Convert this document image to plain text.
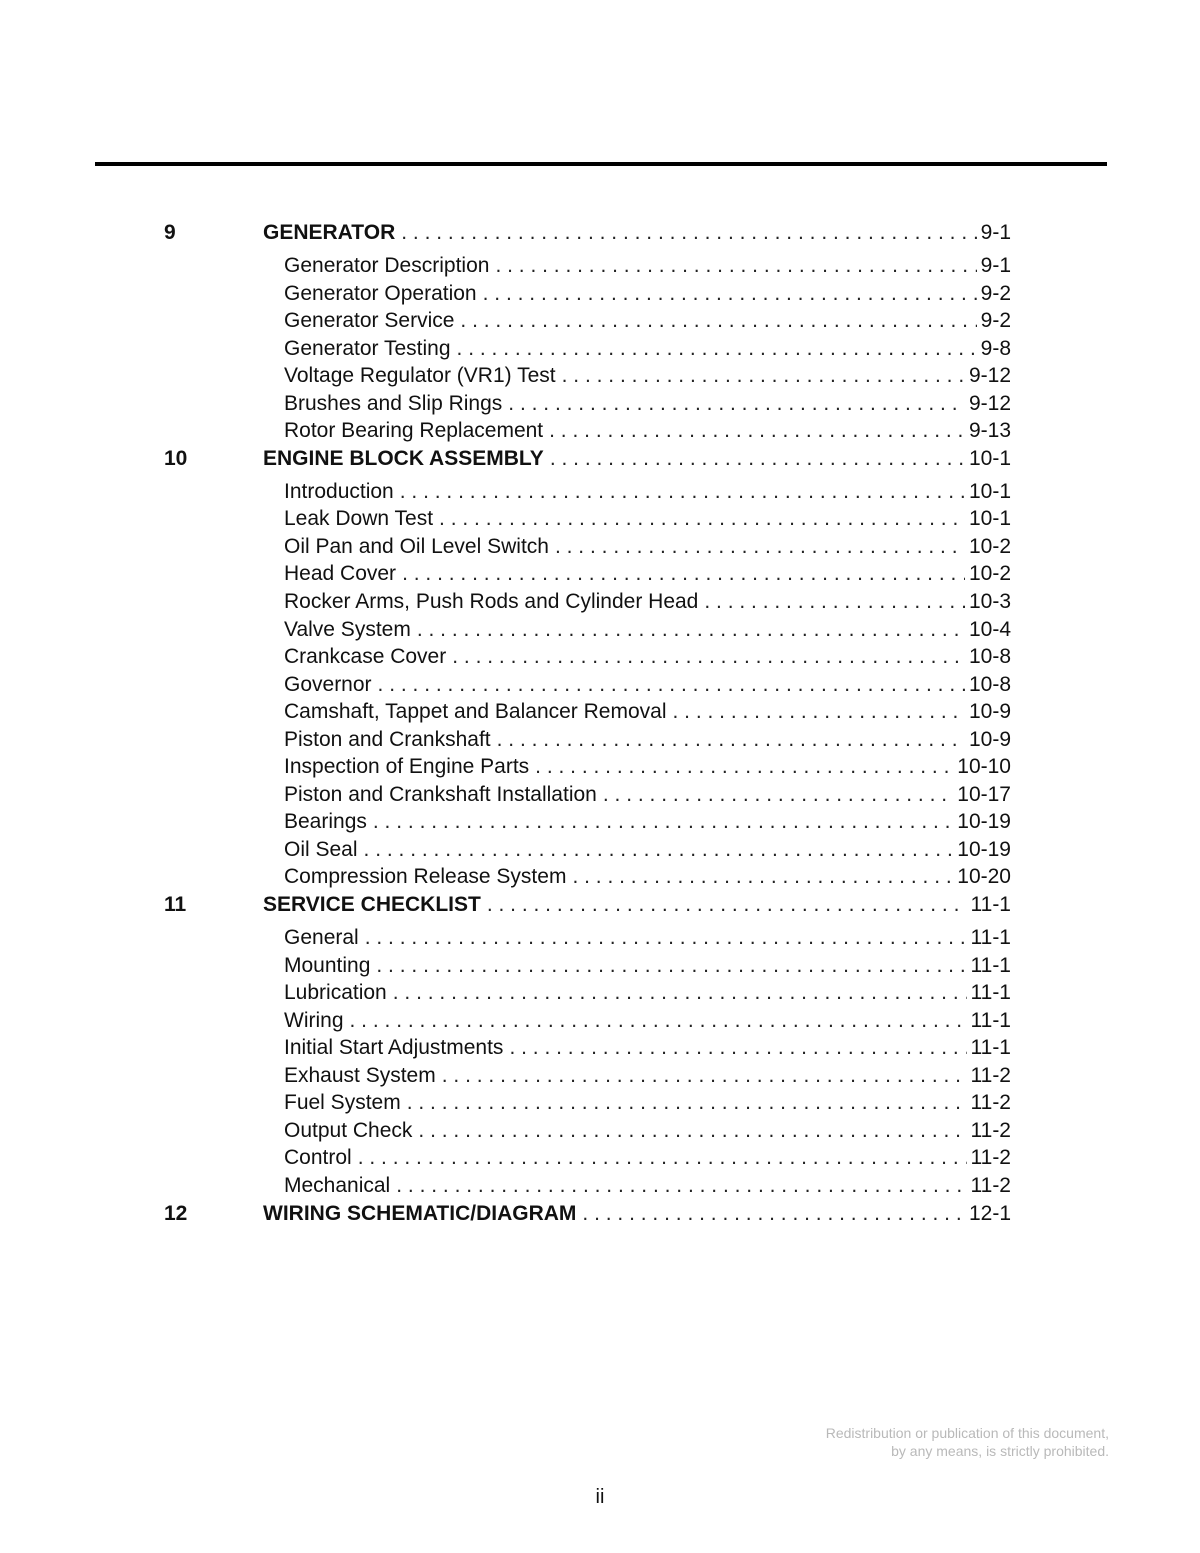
9	GENERATOR . . .	9-1
Generator Description . . .	9-1
Generator Operation . . .	9-2
Generator Service . . .	9-2
Generator Testing . . .	9-8
Voltage Regulator (VR1) Test . . .	9-12
Brushes and Slip Rings . . .	9-12
Rotor Bearing Replacement . . .	9-13
10	ENGINE BLOCK ASSEMBLY . . .	10-1
Introduction . . .	10-1
Leak Down Test . . .	10-1
Oil Pan and Oil Level Switch . . .	10-2
Head Cover . . .	10-2
Rocker Arms, Push Rods and Cylinder Head . . .	10-3
Valve System . . .	10-4
Crankcase Cover . . .	10-8
Governor . . .	10-8
Camshaft, Tappet and Balancer Removal . . .	10-9
Piston and Crankshaft . . .	10-9
Inspection of Engine Parts . . .	10-10
Piston and Crankshaft Installation . . .	10-17
Bearings . . .	10-19
Oil Seal . . .	10-19
Compression Release System . . .	10-20
11	SERVICE CHECKLIST . . .	11-1
General . . .	11-1
Mounting . . .	11-1
Lubrication . . .	11-1
Wiring . . .	11-1
Initial Start Adjustments . . .	11-1
Exhaust System . . .	11-2
Fuel System . . .	11-2
Output Check . . .	11-2
Control . . .	11-2
Mechanical . . .	11-2
12	WIRING SCHEMATIC/DIAGRAM . . .	12-1
Redistribution or publication of this document,
by any means, is strictly prohibited.
ii
